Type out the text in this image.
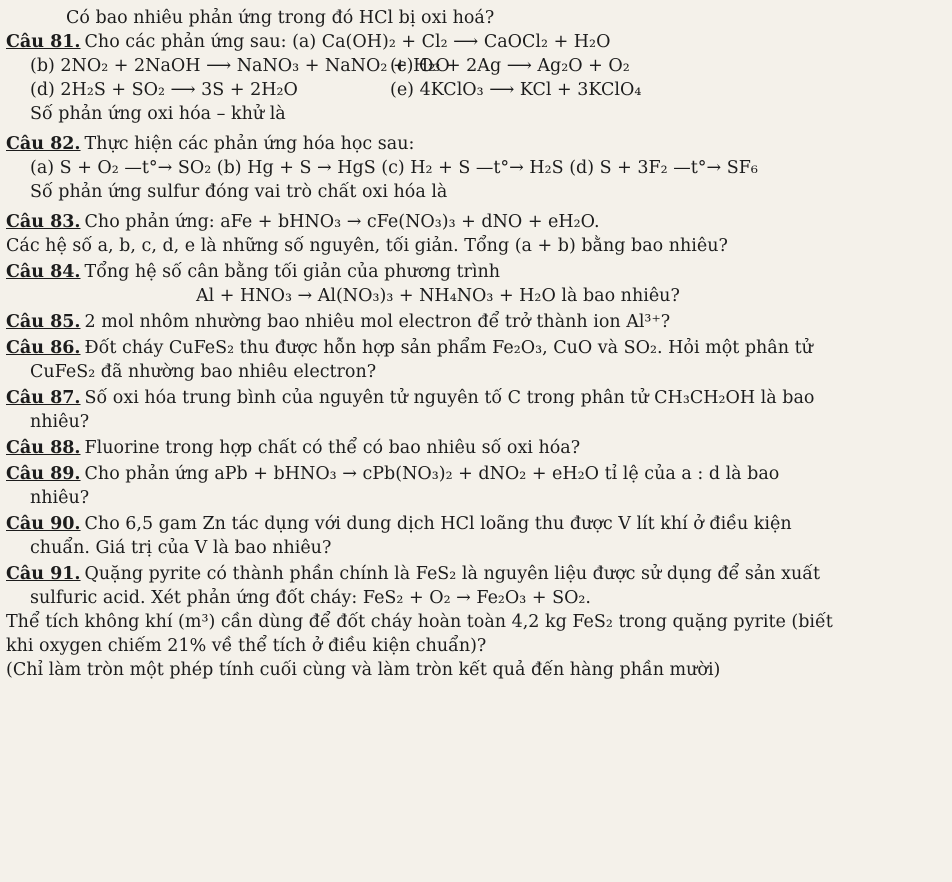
Có bao nhiêu phản ứng trong đó HCl bị oxi hoá?
Câu 81. Cho các phản ứng sau: (a) Ca(OH)₂ + Cl₂ ⟶ CaOCl₂ + H₂O
(b) 2NO₂ + 2NaOH ⟶ NaNO₃ + NaNO₂ + H₂O(c) O₃ + 2Ag ⟶ Ag₂O + O₂
(d) 2H₂S + SO₂ ⟶ 3S + 2H₂O	(e) 4KClO₃ ⟶ KCl + 3KClO₄
Số phản ứng oxi hóa – khử là
Câu 82. Thực hiện các phản ứng hóa học sau:
(a) S + O₂ —t°→ SO₂ (b) Hg + S → HgS (c) H₂ + S —t°→ H₂S (d) S + 3F₂ —t°→ SF₆
Số phản ứng sulfur đóng vai trò chất oxi hóa là
Câu 83. Cho phản ứng: aFe + bHNO₃ → cFe(NO₃)₃ + dNO + eH₂O.
Các hệ số a, b, c, d, e là những số nguyên, tối giản. Tổng (a + b) bằng bao nhiêu?
Câu 84. Tổng hệ số cân bằng tối giản của phương trình
Al + HNO₃ → Al(NO₃)₃ + NH₄NO₃ + H₂O là bao nhiêu?
Câu 85. 2 mol nhôm nhường bao nhiêu mol electron để trở thành ion Al³⁺?
Câu 86. Đốt cháy CuFeS₂ thu được hỗn hợp sản phẩm Fe₂O₃, CuO và SO₂. Hỏi một phân tử
CuFeS₂ đã nhường bao nhiêu electron?
Câu 87. Số oxi hóa trung bình của nguyên tử nguyên tố C trong phân tử CH₃CH₂OH là bao
nhiêu?
Câu 88. Fluorine trong hợp chất có thể có bao nhiêu số oxi hóa?
Câu 89. Cho phản ứng aPb + bHNO₃ → cPb(NO₃)₂ + dNO₂ + eH₂O tỉ lệ của a : d là bao
nhiêu?
Câu 90. Cho 6,5 gam Zn tác dụng với dung dịch HCl loãng thu được V lít khí ở điều kiện
chuẩn. Giá trị của V là bao nhiêu?
Câu 91. Quặng pyrite có thành phần chính là FeS₂ là nguyên liệu được sử dụng để sản xuất
sulfuric acid. Xét phản ứng đốt cháy: FeS₂ + O₂ → Fe₂O₃ + SO₂.
Thể tích không khí (m³) cần dùng để đốt cháy hoàn toàn 4,2 kg FeS₂ trong quặng pyrite (biết
khi oxygen chiếm 21% về thể tích ở điều kiện chuẩn)?
(Chỉ làm tròn một phép tính cuối cùng và làm tròn kết quả đến hàng phần mười)
